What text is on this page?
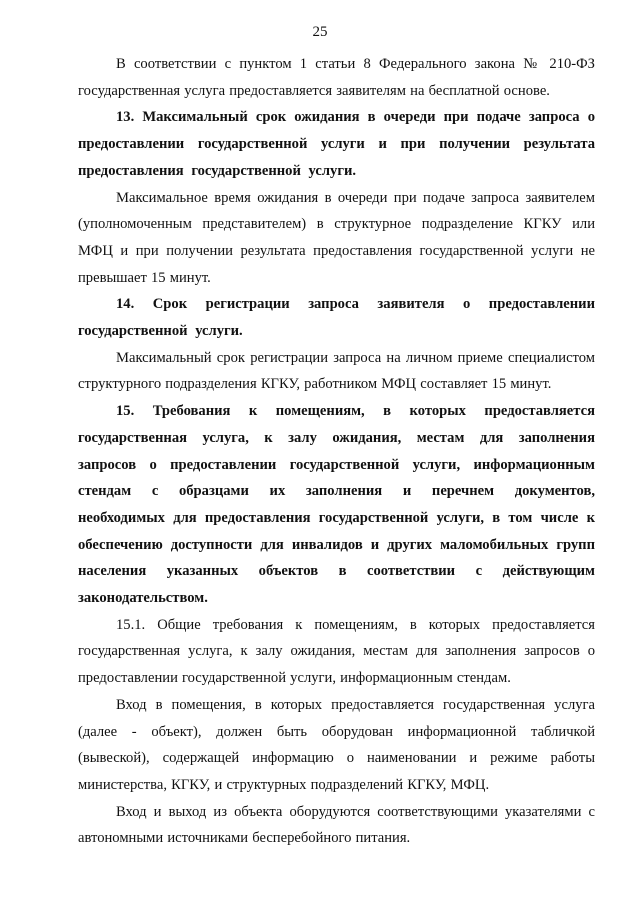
25

В соответствии с пунктом 1 статьи 8 Федерального закона № 210-ФЗ государственная услуга предоставляется заявителям на бесплатной основе.

13. Максимальный срок ожидания в очереди при подаче запроса о предоставлении государственной услуги и при получении результата предоставления государственной услуги.

Максимальное время ожидания в очереди при подаче запроса заявителем (уполномоченным представителем) в структурное подразделение КГКУ или МФЦ и при получении результата предоставления государственной услуги не превышает 15 минут.

14. Срок регистрации запроса заявителя о предоставлении государственной услуги.

Максимальный срок регистрации запроса на личном приеме специалистом структурного подразделения КГКУ, работником МФЦ составляет 15 минут.

15. Требования к помещениям, в которых предоставляется государственная услуга, к залу ожидания, местам для заполнения запросов о предоставлении государственной услуги, информационным стендам с образцами их заполнения и перечнем документов, необходимых для предоставления государственной услуги, в том числе к обеспечению доступности для инвалидов и других маломобильных групп населения указанных объектов в соответствии с действующим законодательством.

15.1. Общие требования к помещениям, в которых предоставляется государственная услуга, к залу ожидания, местам для заполнения запросов о предоставлении государственной услуги, информационным стендам.

Вход в помещения, в которых предоставляется государственная услуга (далее - объект), должен быть оборудован информационной табличкой (вывеской), содержащей информацию о наименовании и режиме работы министерства, КГКУ, и структурных подразделений КГКУ, МФЦ.

Вход и выход из объекта оборудуются соответствующими указателями с автономными источниками бесперебойного питания.
